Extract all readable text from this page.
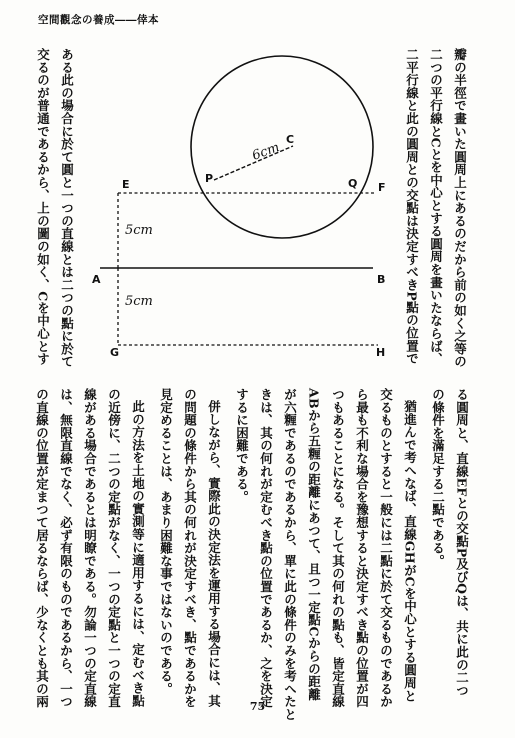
空間觀念の養成――倖本
瓣の半徑で畫いた圓周上にあるのだから前の如く之等の
二つの平行線とCとを中心とする圓周を畫いたならば、
二平行線と此の圓周との交點は決定すべきP點の位置で
ある此の場合に於て圓と一つの直線とは二つの點に於て
交るのが普通であるから、上の圖の如く、Cを中心とす	E	F
P	Q
C
A	B
G	H
6cm
5cm
5cm
る圓周と、直線EFとの交點P及びQは、共に此の二つ
の條件を滿足する二點である。
猶進んで考へなば、直線GHがCを中心とする圓周と
交るものとすると一般には二點に於て交るものであるか
ら最も不利な場合を豫想すると決定すべき點の位置が四
つもあることになる。そして其の何れの點も、皆定直線
ABから五糎の距離にあつて、且つ一定點Cからの距離
が六糎であるのであるから、單に此の條件のみを考へたと
きは、其の何れが定むべき點の位置であるか、之を決定
するに困難である。
併しながら、實際此の決定法を運用する場合には、其
の問題の條件から其の何れが決定すべき、點であるかを
見定めることは、あまり困難な事ではないのである。
此の方法を土地の實測等に適用するには、定むべき點
の近傍に、二つの定點がなく、一つの定點と一つの定直
線がある場合であるとは明瞭である。勿論一つの定直線
は、無限直線でなく、必ず有限のものであるから、一つ
の直線の位置が定まつて居るならば、少なくとも其の兩	75
